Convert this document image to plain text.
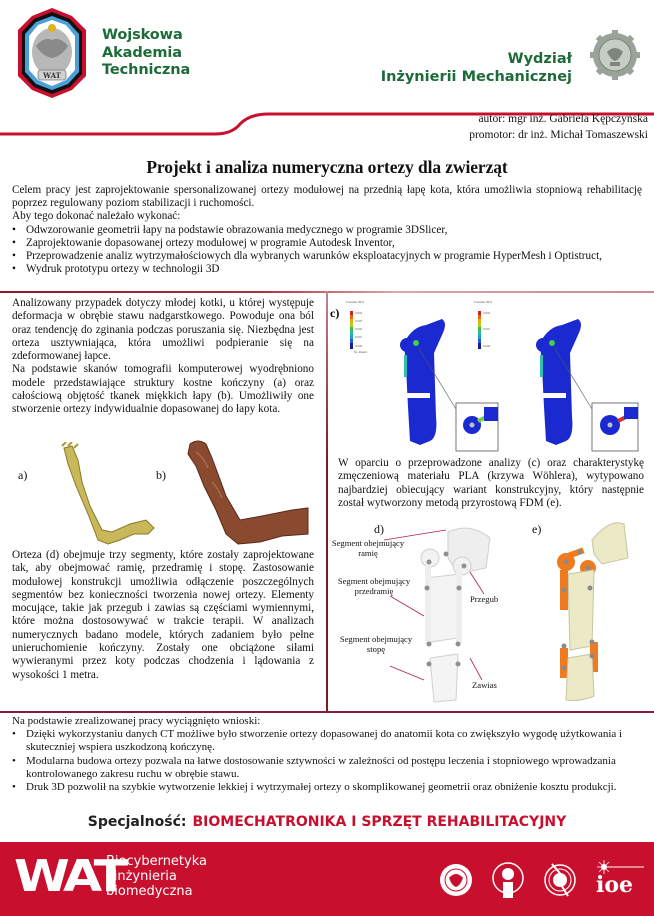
WAT
Wojskowa
Akademia
Techniczna
Wydział
Inżynierii Mechanicznej
autor: mgr inż. Gabriela Kępczyńska
promotor: dr inż. Michał Tomaszewski
Projekt i analiza numeryczna ortezy dla zwierząt

Celem pracy jest zaprojektowanie spersonalizowanej ortezy modułowej na przednią łapę kota, która umożliwia stopniową rehabilitację poprzez regulowany poziom stabilizacji i ruchomości.

Aby tego dokonać należało wykonać:
• Odwzorowanie geometrii łapy na podstawie obrazowania medycznego w programie 3DSlicer,
• Zaprojektowanie dopasowanej ortezy modułowej w programie Autodesk Inventor,
• Przeprowadzenie analiz wytrzymałościowych dla wybranych warunków eksploatacyjnych w programie HyperMesh i Optistruct,
• Wydruk prototypu ortezy w technologii 3D

Analizowany przypadek dotyczy młodej kotki, u której występuje deformacja w obrębie stawu nadgarstkowego. Powoduje ona ból oraz tendencję do zginania podczas poruszania się. Niezbędna jest orteza usztywniająca, która umożliwi podpieranie się na zdeformowanej łapce.

Na podstawie skanów tomografii komputerowej wyodrębniono modele przedstawiające struktury kostne kończyny (a) oraz całościową objętość tkanek miękkich łapy (b). Umożliwiły one stworzenie ortezy indywidualnie dopasowanej do łapy kota.

a)	b)

Orteza (d) obejmuje trzy segmenty, które zostały zaprojektowane tak, aby obejmować ramię, przedramię i stopę. Zastosowanie modułowej konstrukcji umożliwia odłączenie poszczególnych segmentów bez konieczności tworzenia nowej ortezy. Elementy mocujące, takie jak przegub i zawias są częściami wymiennymi, które można dostosowywać w trakcie terapii. W analizach numerycznych badano modele, których zadaniem było pełne unieruchomienie kończyny. Zostały one obciążone siłami wywieranymi przez koty podczas chodzenia i lądowania z wysokości 1 metra.

c)
Contour Plot
0.004
0.003
0.002
0.001
0.000
No Result
Contour Plot
0.002
0.001
0.000
W oparciu o przeprowadzone analizy (c) oraz charakterystykę zmęczeniową materiału PLA (krzywa Wöhlera), wytypowano najbardziej obiecujący wariant konstrukcyjny, który następnie został wytworzony metodą przyrostową FDM (e).
d)
Segment obejmujący ramię
Segment obejmujący przedramię
Segment obejmujący stopę
Przegub
Zawias
e)
Na podstawie zrealizowanej pracy wyciągnięto wnioski:
• Dzięki wykorzystaniu danych CT możliwe było stworzenie ortezy dopasowanej do anatomii kota co zwiększyło wygodę użytkowania i skuteczniej wspiera uszkodzoną kończynę.
• Modularna budowa ortezy pozwala na łatwe dostosowanie sztywności w zależności od postępu leczenia i stopniowego wprowadzania kontrolowanego zakresu ruchu w obrębie stawu.
• Druk 3D pozwolił na szybkie wytworzenie lekkiej i wytrzymałej ortezy o skomplikowanej geometrii oraz obniżenie kosztu produkcji.
Specjalność: BIOMECHATRONIKA I SPRZĘT REHABILITACYJNY
WAT
Biocybernetyka
i inżynieria
biomedyczna	ioe
